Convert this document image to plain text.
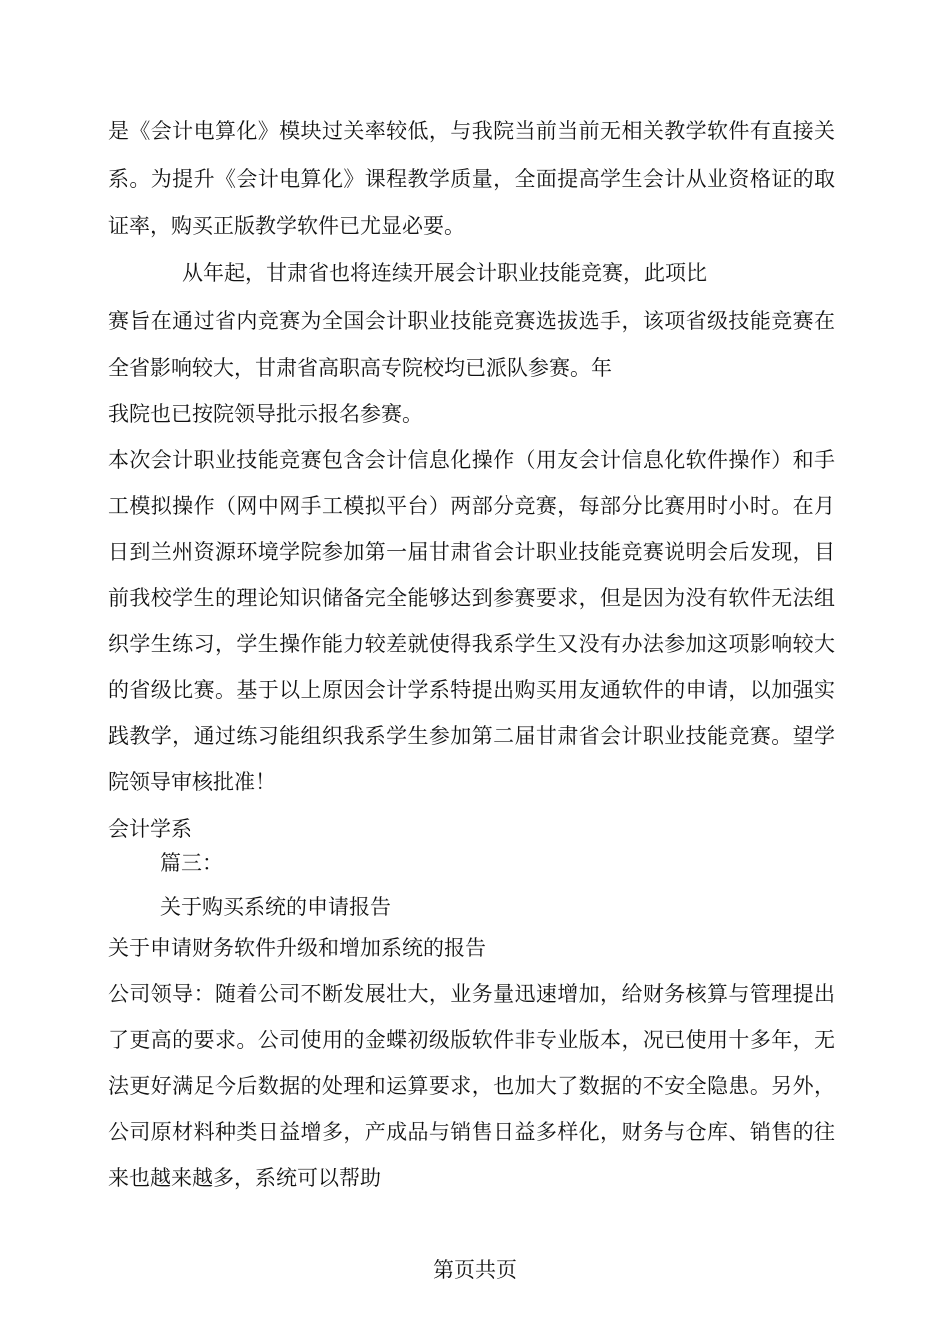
是《会计电算化》模块过关率较低，与我院当前当前无相关教学软件有直接关
系。为提升《会计电算化》课程教学质量，全面提高学生会计从业资格证的取
证率，购买正版教学软件已尤显必要。
从年起，甘肃省也将连续开展会计职业技能竞赛，此项比
赛旨在通过省内竞赛为全国会计职业技能竞赛选拔选手，该项省级技能竞赛在
全省影响较大，甘肃省高职高专院校均已派队参赛。年
我院也已按院领导批示报名参赛。
本次会计职业技能竞赛包含会计信息化操作（用友会计信息化软件操作）和手
工模拟操作（网中网手工模拟平台）两部分竞赛，每部分比赛用时小时。在月
日到兰州资源环境学院参加第一届甘肃省会计职业技能竞赛说明会后发现，目
前我校学生的理论知识储备完全能够达到参赛要求，但是因为没有软件无法组
织学生练习，学生操作能力较差就使得我系学生又没有办法参加这项影响较大
的省级比赛。基于以上原因会计学系特提出购买用友通软件的申请，以加强实
践教学，通过练习能组织我系学生参加第二届甘肃省会计职业技能竞赛。望学
院领导审核批准！
会计学系
篇三：
关于购买系统的申请报告
关于申请财务软件升级和增加系统的报告
公司领导：随着公司不断发展壮大，业务量迅速增加，给财务核算与管理提出
了更高的要求。公司使用的金蝶初级版软件非专业版本，况已使用十多年，无
法更好满足今后数据的处理和运算要求，也加大了数据的不安全隐患。另外，
公司原材料种类日益增多，产成品与销售日益多样化，财务与仓库、销售的往
来也越来越多，系统可以帮助
第页共页
